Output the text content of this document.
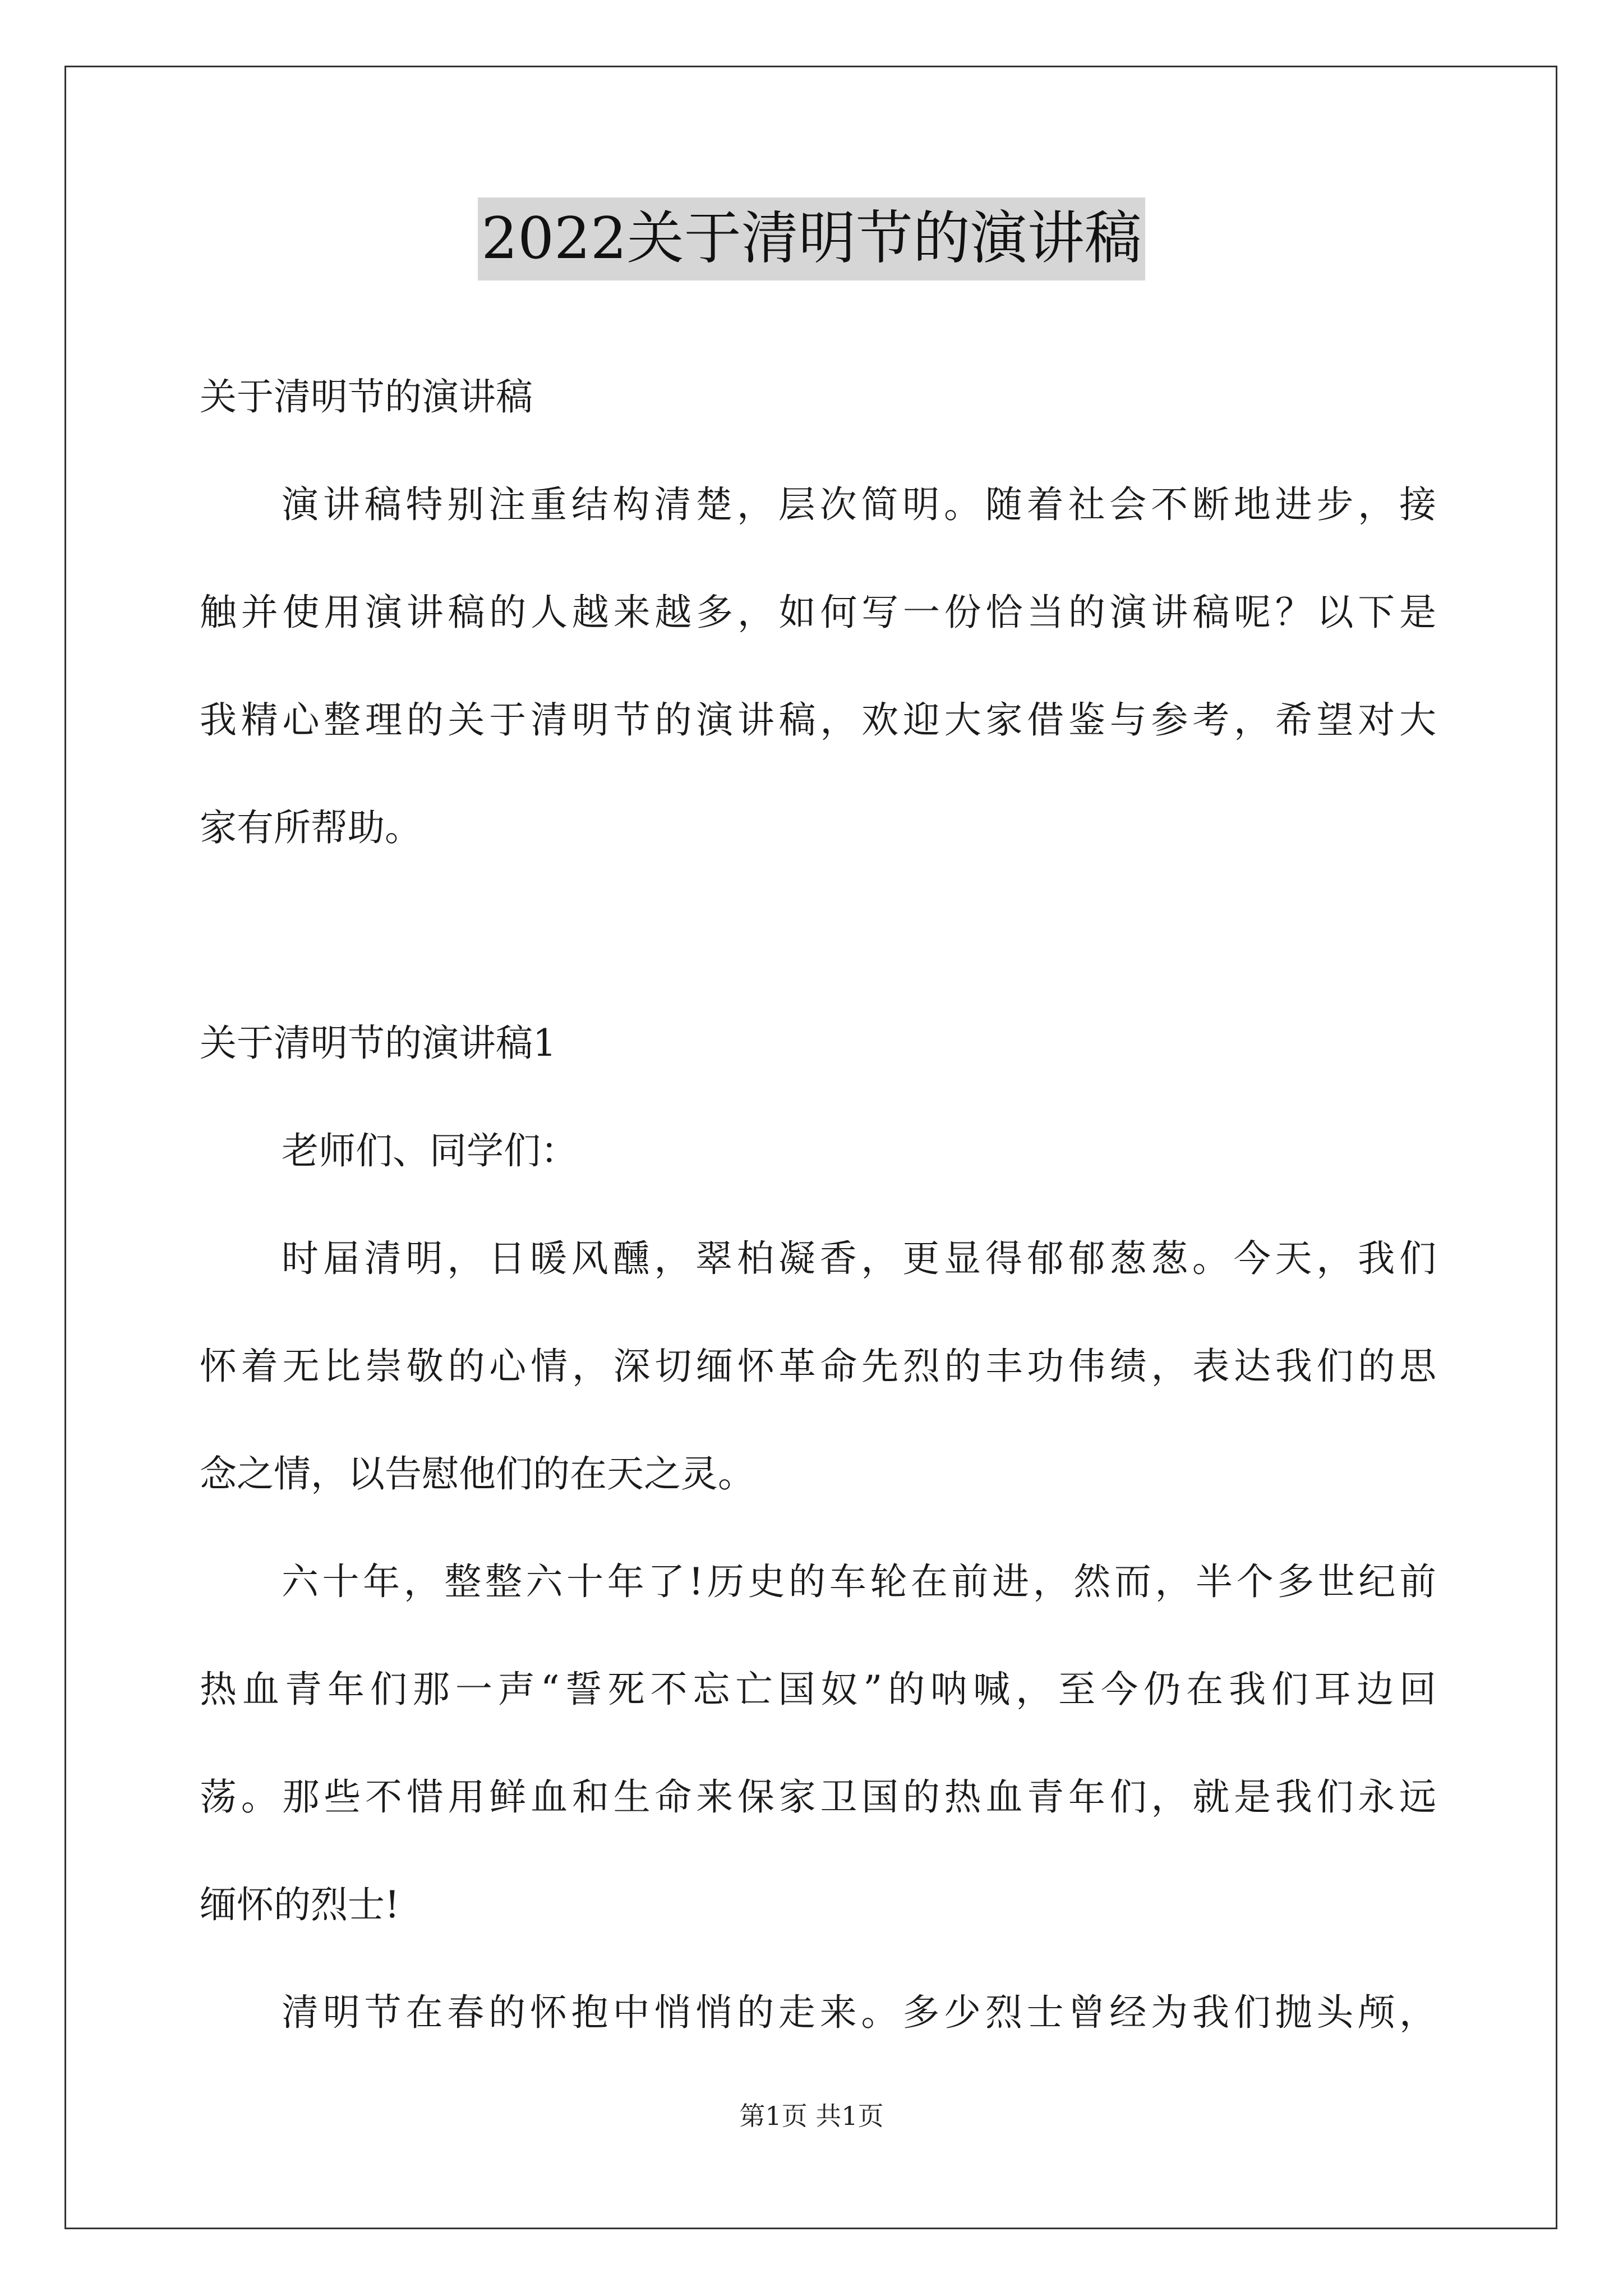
2022关于清明节的演讲稿
关于清明节的演讲稿
演讲稿特别注重结构清楚，层次简明。随着社会不断地进步，接
触并使用演讲稿的人越来越多，如何写一份恰当的演讲稿呢？以下是
我精心整理的关于清明节的演讲稿，欢迎大家借鉴与参考，希望对大
家有所帮助。
关于清明节的演讲稿1
老师们、同学们：
时届清明，日暖风醺，翠柏凝香，更显得郁郁葱葱。今天，我们
怀着无比崇敬的心情，深切缅怀革命先烈的丰功伟绩，表达我们的思
念之情，以告慰他们的在天之灵。
六十年，整整六十年了!历史的车轮在前进，然而，半个多世纪前
热血青年们那一声“誓死不忘亡国奴”的呐喊，至今仍在我们耳边回
荡。那些不惜用鲜血和生命来保家卫国的热血青年们，就是我们永远
缅怀的烈士!
清明节在春的怀抱中悄悄的走来。多少烈士曾经为我们抛头颅，
第1页 共1页
